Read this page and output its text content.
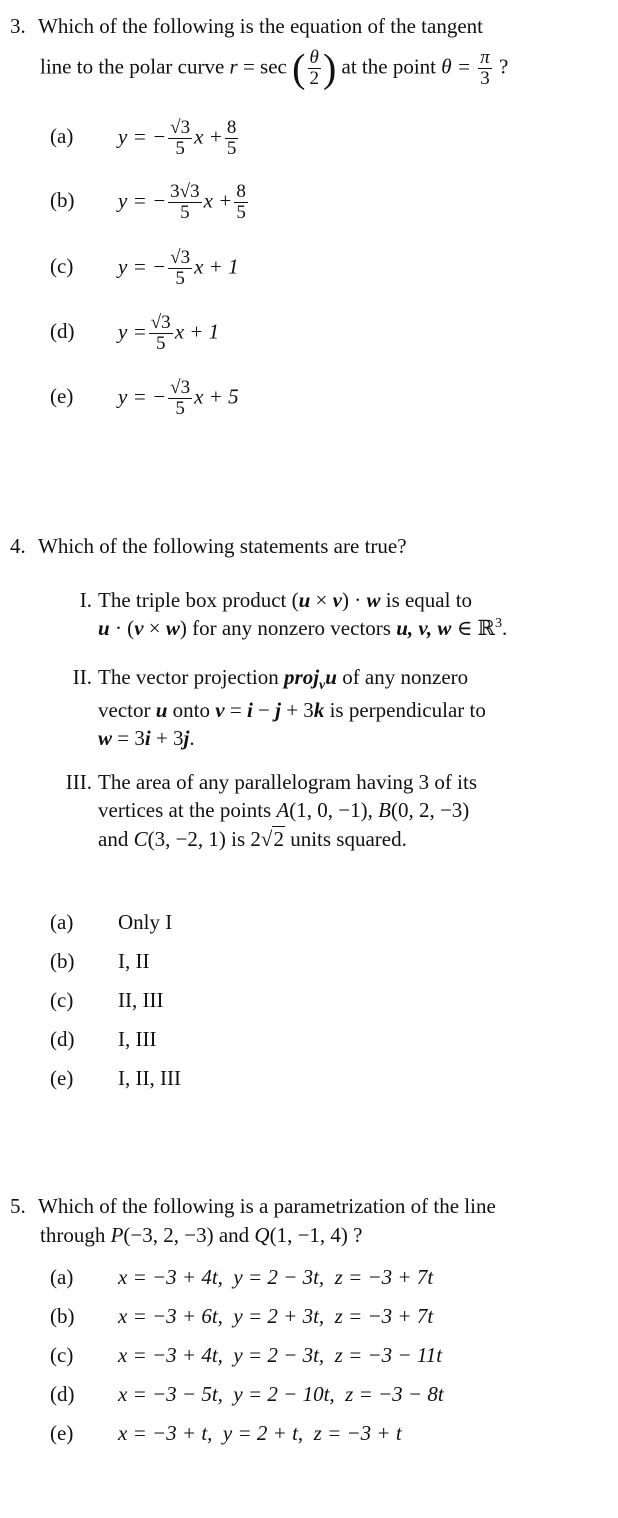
3. Which of the following is the equation of the tangent
line to the polar curve r = sec ( $\frac{\theta}{2}$ ) at the point $\theta = \frac{\pi}{3}$ ?
(a) y = − $\frac{√3}{5}$ $x + \frac{8}{5}$
(b) y = − $\frac{3√3}{5}$ $x + \frac{8}{5}$
(c) y = − $\frac{√3}{5}$ x + 1
(d) $y = \frac{√3}{5}$ x + 1
(e) y = − $\frac{√3}{5}$ x + 5
4. Which of the following statements are true?
I. The triple box product (u × v) · w is equal to
u · (v × w) for any nonzero vectors u, v, w ∈ ℝ$^3$.
II. The vector projection proj$_v$u of any nonzero
vector u onto v = i − j + 3k is perpendicular to
w = 3i + 3j.
III. The area of any parallelogram having 3 of its
vertices at the points A(1, 0, −1), B(0, 2, −3)
and C(3, −2, 1) is 2√2 units squared.
(a) Only I
(b) I, II
(c) II, III
(d) I, III
(e) I, II, III
5. Which of the following is a parametrization of the line
through P(−3, 2, −3) and Q(1, −1, 4) ?
(a) x = −3 + 4t,  y = 2 − 3t,  z = −3 + 7t
(b) x = −3 + 6t,  y = 2 + 3t,  z = −3 + 7t
(c) x = −3 + 4t,  y = 2 − 3t,  z = −3 − 11t
(d) x = −3 − 5t,  y = 2 − 10t,  z = −3 − 8t
(e) x = −3 + t,  y = 2 + t,  z = −3 + t
